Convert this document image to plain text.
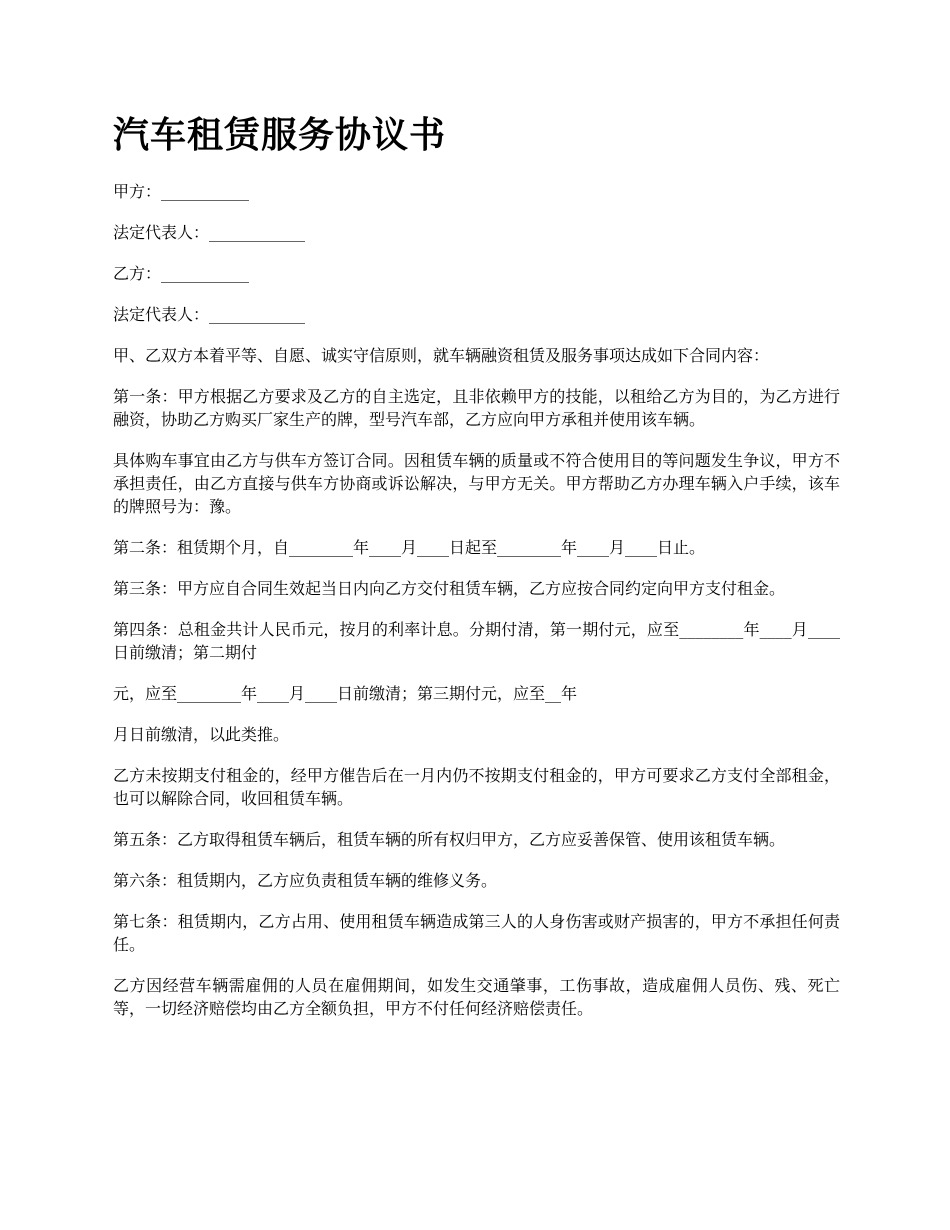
汽车租赁服务协议书

甲方：___________

法定代表人：____________

乙方：___________

法定代表人：____________

甲、乙双方本着平等、自愿、诚实守信原则，就车辆融资租赁及服务事项达成如下合同内容：

第一条：甲方根据乙方要求及乙方的自主选定，且非依赖甲方的技能，以租给乙方为目的，为乙方进行融资，协助乙方购买厂家生产的牌，型号汽车部，乙方应向甲方承租并使用该车辆。

具体购车事宜由乙方与供车方签订合同。因租赁车辆的质量或不符合使用目的等问题发生争议，甲方不承担责任，由乙方直接与供车方协商或诉讼解决，与甲方无关。甲方帮助乙方办理车辆入户手续，该车的牌照号为：豫。

第二条：租赁期个月，自________年____月____日起至________年____月____日止。

第三条：甲方应自合同生效起当日内向乙方交付租赁车辆，乙方应按合同约定向甲方支付租金。

第四条：总租金共计人民币元，按月的利率计息。分期付清，第一期付元，应至________年____月____日前缴清；第二期付

元，应至________年____月____日前缴清；第三期付元，应至__年

月日前缴清，以此类推。

乙方未按期支付租金的，经甲方催告后在一月内仍不按期支付租金的，甲方可要求乙方支付全部租金，也可以解除合同，收回租赁车辆。

第五条：乙方取得租赁车辆后，租赁车辆的所有权归甲方，乙方应妥善保管、使用该租赁车辆。

第六条：租赁期内，乙方应负责租赁车辆的维修义务。

第七条：租赁期内，乙方占用、使用租赁车辆造成第三人的人身伤害或财产损害的，甲方不承担任何责任。

乙方因经营车辆需雇佣的人员在雇佣期间，如发生交通肇事，工伤事故，造成雇佣人员伤、残、死亡等，一切经济赔偿均由乙方全额负担，甲方不付任何经济赔偿责任。
